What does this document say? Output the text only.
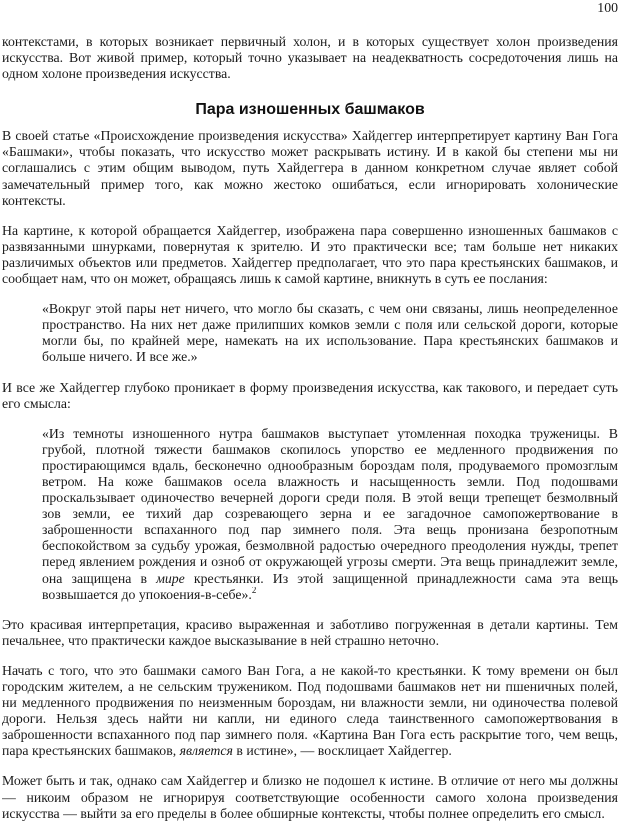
100
контекстами, в которых возникает первичный холон, и в которых существует холон произведения
искусства. Вот живой пример, который точно указывает на неадекватность сосредоточения лишь на
одном холоне произведения искусства.
Пара изношенных башмаков
В своей статье «Происхождение произведения искусства» Хайдеггер интерпретирует картину Ван Гога
«Башмаки», чтобы показать, что искусство может раскрывать истину. И в какой бы степени мы ни
соглашались с этим общим выводом, путь Хайдеггера в данном конкретном случае являет собой
замечательный пример того, как можно жестоко ошибаться, если игнорировать холонические
контексты.
На картине, к которой обращается Хайдеггер, изображена пара совершенно изношенных башмаков с
развязанными шнурками, повернутая к зрителю. И это практически все; там больше нет никаких
различимых объектов или предметов. Хайдеггер предполагает, что это пара крестьянских башмаков, и
сообщает нам, что он может, обращаясь лишь к самой картине, вникнуть в суть ее послания:
«Вокруг этой пары нет ничего, что могло бы сказать, с чем они связаны, лишь неопределенное
пространство. На них нет даже прилипших комков земли с поля или сельской дороги, которые
могли бы, по крайней мере, намекать на их использование. Пара крестьянских башмаков и
больше ничего. И все же.»
И все же Хайдеггер глубоко проникает в форму произведения искусства, как такового, и передает суть
его смысла:
«Из темноты изношенного нутра башмаков выступает утомленная походка труженицы. В
грубой, плотной тяжести башмаков скопилось упорство ее медленного продвижения по
простирающимся вдаль, бесконечно однообразным бороздам поля, продуваемого промозглым
ветром. На коже башмаков осела влажность и насыщенность земли. Под подошвами
проскальзывает одиночество вечерней дороги среди поля. В этой вещи трепещет безмолвный
зов земли, ее тихий дар созревающего зерна и ее загадочное самопожертвование в
заброшенности вспаханного под пар зимнего поля. Эта вещь пронизана безропотным
беспокойством за судьбу урожая, безмолвной радостью очередного преодоления нужды, трепет
перед явлением рождения и озноб от окружающей угрозы смерти. Эта вещь принадлежит земле,
она защищена в мире крестьянки. Из этой защищенной принадлежности сама эта вещь
возвышается до упокоения-в-себе».$^2$
Это красивая интерпретация, красиво выраженная и заботливо погруженная в детали картины. Тем
печальнее, что практически каждое высказывание в ней страшно неточно.
Начать с того, что это башмаки самого Ван Гога, а не какой-то крестьянки. К тому времени он был
городским жителем, а не сельским тружеником. Под подошвами башмаков нет ни пшеничных полей,
ни медленного продвижения по неизменным бороздам, ни влажности земли, ни одиночества полевой
дороги. Нельзя здесь найти ни капли, ни единого следа таинственного самопожертвования в
заброшенности вспаханного под пар зимнего поля. «Картина Ван Гога есть раскрытие того, чем вещь,
пара крестьянских башмаков, является в истине», — восклицает Хайдеггер.
Может быть и так, однако сам Хайдеггер и близко не подошел к истине. В отличие от него мы должны
— никоим образом не игнорируя соответствующие особенности самого холона произведения
искусства — выйти за его пределы в более обширные контексты, чтобы полнее определить его смысл.
